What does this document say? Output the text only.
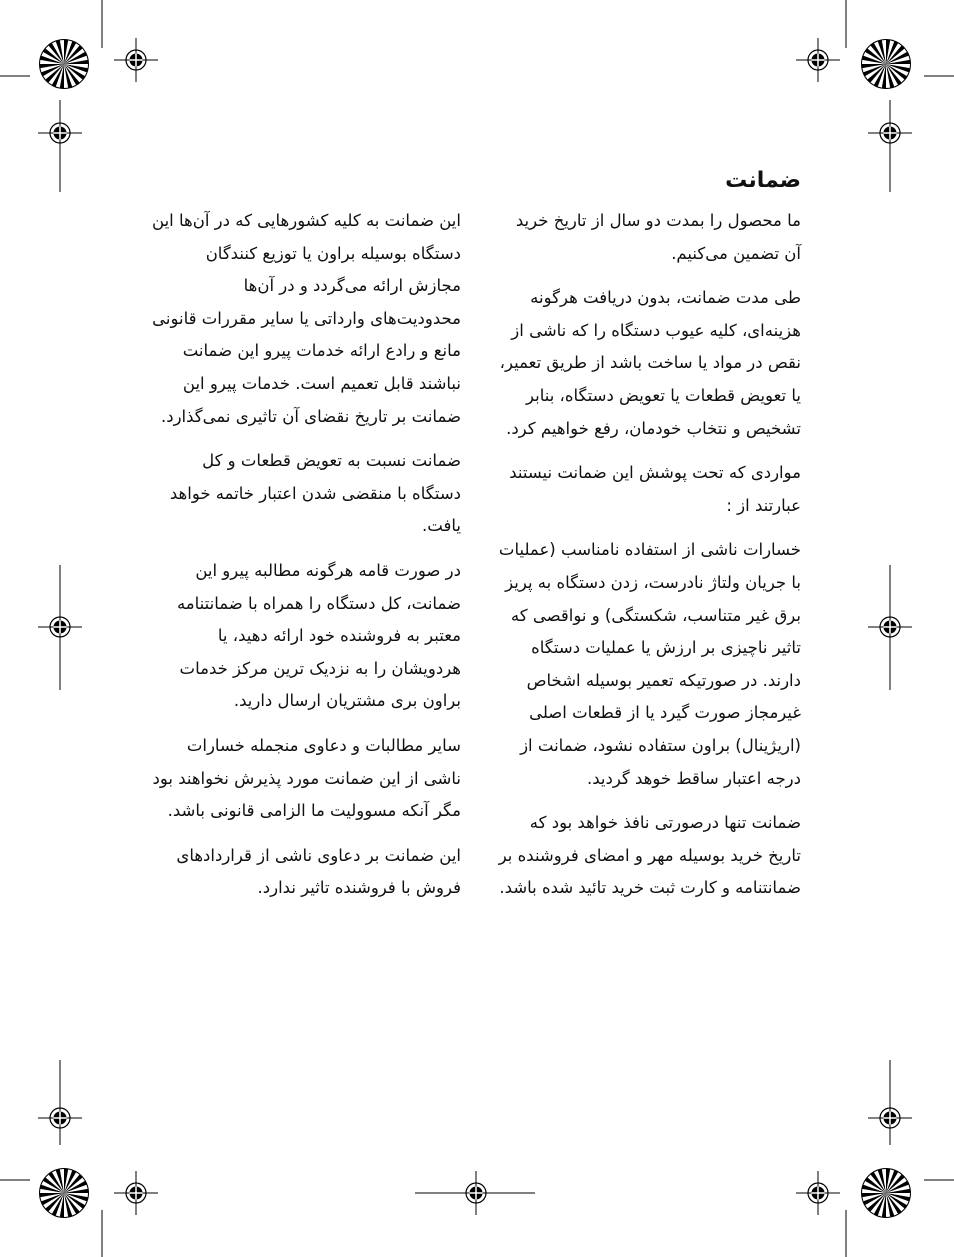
ضمانت

ما محصول را بمدت دو سال از تاریخ خرید آن تضمین می‌کنیم.

طی مدت ضمانت، بدون دریافت هرگونه هزینه‌ای، کلیه عیوب دستگاه را که ناشی از نقص در مواد یا ساخت باشد از طریق تعمیر، یا تعویض قطعات یا تعویض دستگاه، بنابر تشخیص و نتخاب خودمان، رفع خواهیم کرد.

مواردی که تحت پوشش این ضمانت نیستند عبارتند از :

خسارات ناشی از استفاده نامناسب (عملیات با جریان ولتاژ نادرست، زدن دستگاه به پریز برق غیر متناسب، شکستگی) و نواقصی که تاثیر ناچیزی بر ارزش یا عملیات دستگاه دارند. در صورتیکه تعمیر بوسیله اشخاص غیرمجاز صورت گیرد یا از قطعات اصلی (اریژینال) براون ستفاده نشود، ضمانت از درجه اعتبار ساقط خوهد گردید.

ضمانت تنها درصورتی نافذ خواهد بود که تاریخ خرید بوسیله مهر و امضای فروشنده بر ضمانتنامه و کارت ثبت خرید تائید شده باشد.

این ضمانت به کلیه کشورهایی که در آن‌ها این دستگاه بوسیله براون یا توزیع کنندگان مجازش ارائه می‌گردد و در آن‌ها محدودیت‌های وارداتی یا سایر مقررات قانونی مانع و رادع ارائه خدمات پیرو این ضمانت نباشند قابل تعمیم است. خدمات پیرو این ضمانت بر تاریخ نقضای آن تاثیری نمی‌گذارد.

ضمانت نسبت به تعویض قطعات و کل دستگاه با منقضی شدن اعتبار خاتمه خواهد یافت.

در صورت قامه هرگونه مطالبه پیرو این ضمانت، کل دستگاه را همراه با ضمانتنامه معتبر به فروشنده خود ارائه دهید، یا هردویشان را به نزدیک ترین مرکز خدمات براون بری مشتریان ارسال دارید.

سایر مطالبات و دعاوی منجمله خسارات ناشی از این ضمانت مورد پذیرش نخواهند بود مگر آنکه مسوولیت ما الزامی قانونی باشد.

این ضمانت بر دعاوی ناشی از قراردادهای فروش با فروشنده تاثیر ندارد.
